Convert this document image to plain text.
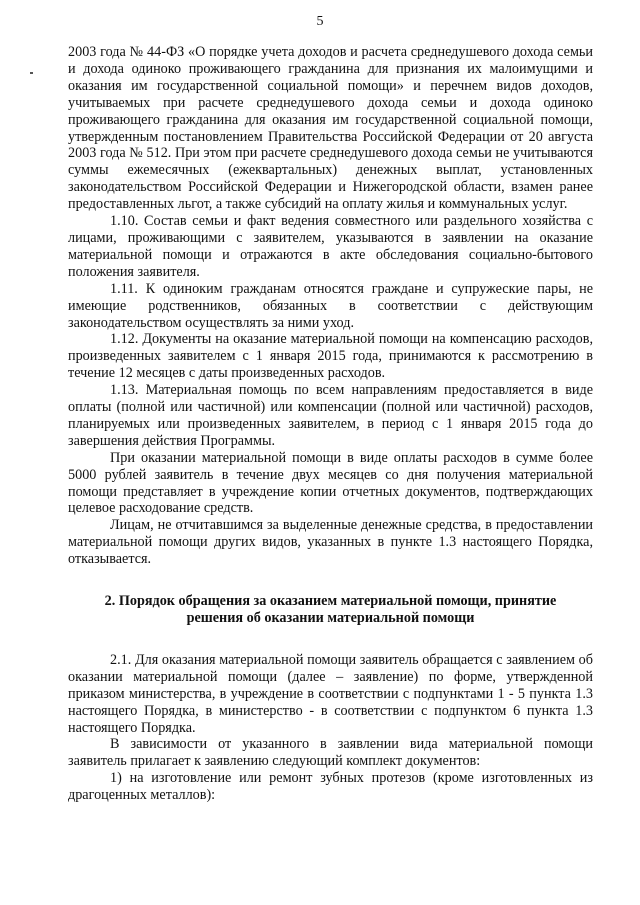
5

2003 года № 44-ФЗ «О порядке учета доходов и расчета среднедушевого дохода семьи и дохода одиноко проживающего гражданина для признания их малоимущими и оказания им государственной социальной помощи» и перечнем видов доходов, учитываемых при расчете среднедушевого дохода семьи и дохода одиноко проживающего гражданина для оказания им государственной социальной помощи, утвержденным постановлением Правительства Российской Федерации от 20 августа 2003 года № 512. При этом при расчете среднедушевого дохода семьи не учитываются суммы ежемесячных (ежеквартальных) денежных выплат, установленных законодательством Российской Федерации и Нижегородской области, взамен ранее предоставленных льгот, а также субсидий на оплату жилья и коммунальных услуг.

1.10. Состав семьи и факт ведения совместного или раздельного хозяйства с лицами, проживающими с заявителем, указываются в заявлении на оказание материальной помощи и отражаются в акте обследования социально-бытового положения заявителя.

1.11. К одиноким гражданам относятся граждане и супружеские пары, не имеющие родственников, обязанных в соответствии с действующим законодательством осуществлять за ними уход.

1.12. Документы на оказание материальной помощи на компенсацию расходов, произведенных заявителем с 1 января 2015 года, принимаются к рассмотрению в течение 12 месяцев с даты произведенных расходов.

1.13. Материальная помощь по всем направлениям предоставляется в виде оплаты (полной или частичной) или компенсации (полной или частичной) расходов, планируемых или произведенных заявителем, в период с 1 января 2015 года до завершения действия Программы.

При оказании материальной помощи в виде оплаты расходов в сумме более 5000 рублей заявитель в течение двух месяцев со дня получения материальной помощи представляет в учреждение копии отчетных документов, подтверждающих целевое расходование средств.

Лицам, не отчитавшимся за выделенные денежные средства, в предоставлении материальной помощи других видов, указанных в пункте 1.3 настоящего Порядка, отказывается.

2. Порядок обращения за оказанием материальной помощи, принятие
решения об оказании материальной помощи

2.1. Для оказания материальной помощи заявитель обращается с заявлением об оказании материальной помощи (далее – заявление) по форме, утвержденной приказом министерства, в учреждение в соответствии с подпунктами 1 - 5 пункта 1.3 настоящего Порядка, в министерство - в соответствии с подпунктом 6 пункта 1.3 настоящего Порядка.

В зависимости от указанного в заявлении вида материальной помощи заявитель прилагает к заявлению следующий комплект документов:

1) на изготовление или ремонт зубных протезов (кроме изготовленных из драгоценных металлов):
